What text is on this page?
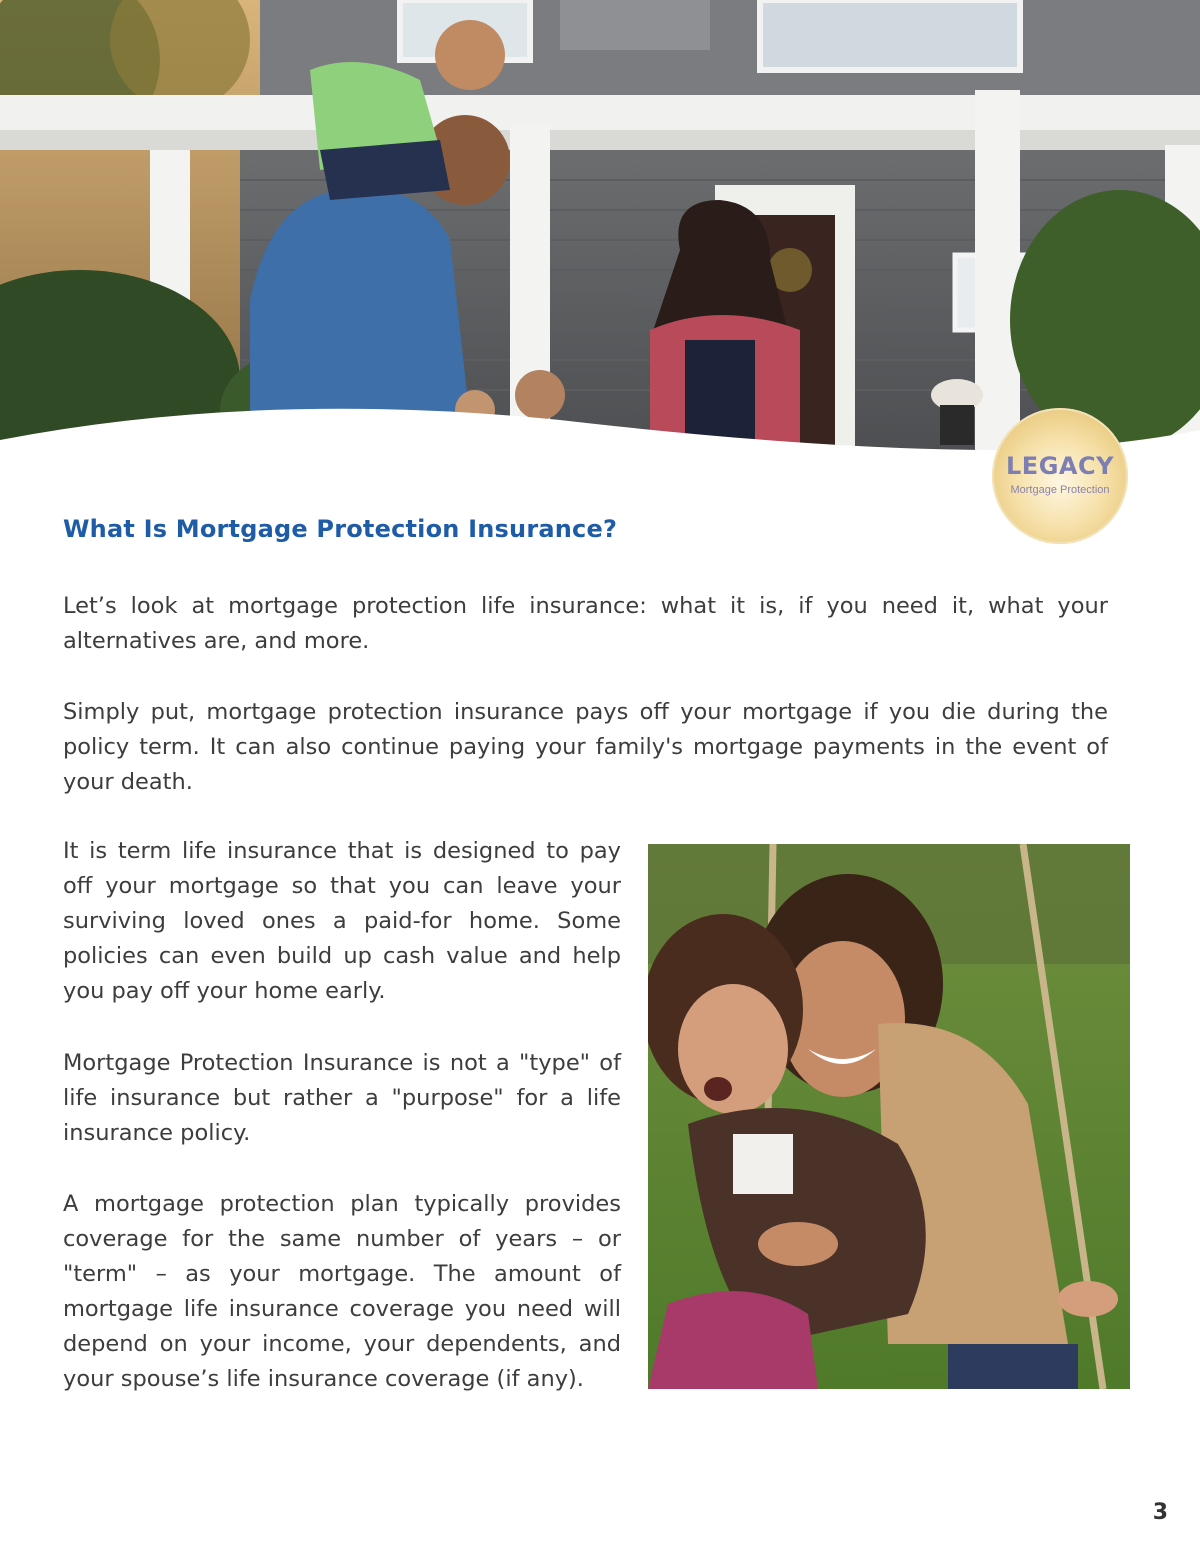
LEGACY
Mortgage Protection
What Is Mortgage Protection Insurance?

Let’s look at mortgage protection life insurance: what it is, if you need it, what your alternatives are, and more.

Simply put, mortgage protection insurance pays off your mortgage if you die during the policy term. It can also continue paying your family's mortgage payments in the event of your death.

It is term life insurance that is designed to pay off your mortgage so that you can leave your surviving loved ones a paid-for home. Some policies can even build up cash value and help you pay off your home early.

Mortgage Protection Insurance is not a "type" of life insurance but rather a "purpose" for a life insurance policy.

A mortgage protection plan typically provides coverage for the same number of years – or "term" – as your mortgage. The amount of mortgage life insurance coverage you need will depend on your income, your dependents, and your spouse’s life insurance coverage (if any).

3
